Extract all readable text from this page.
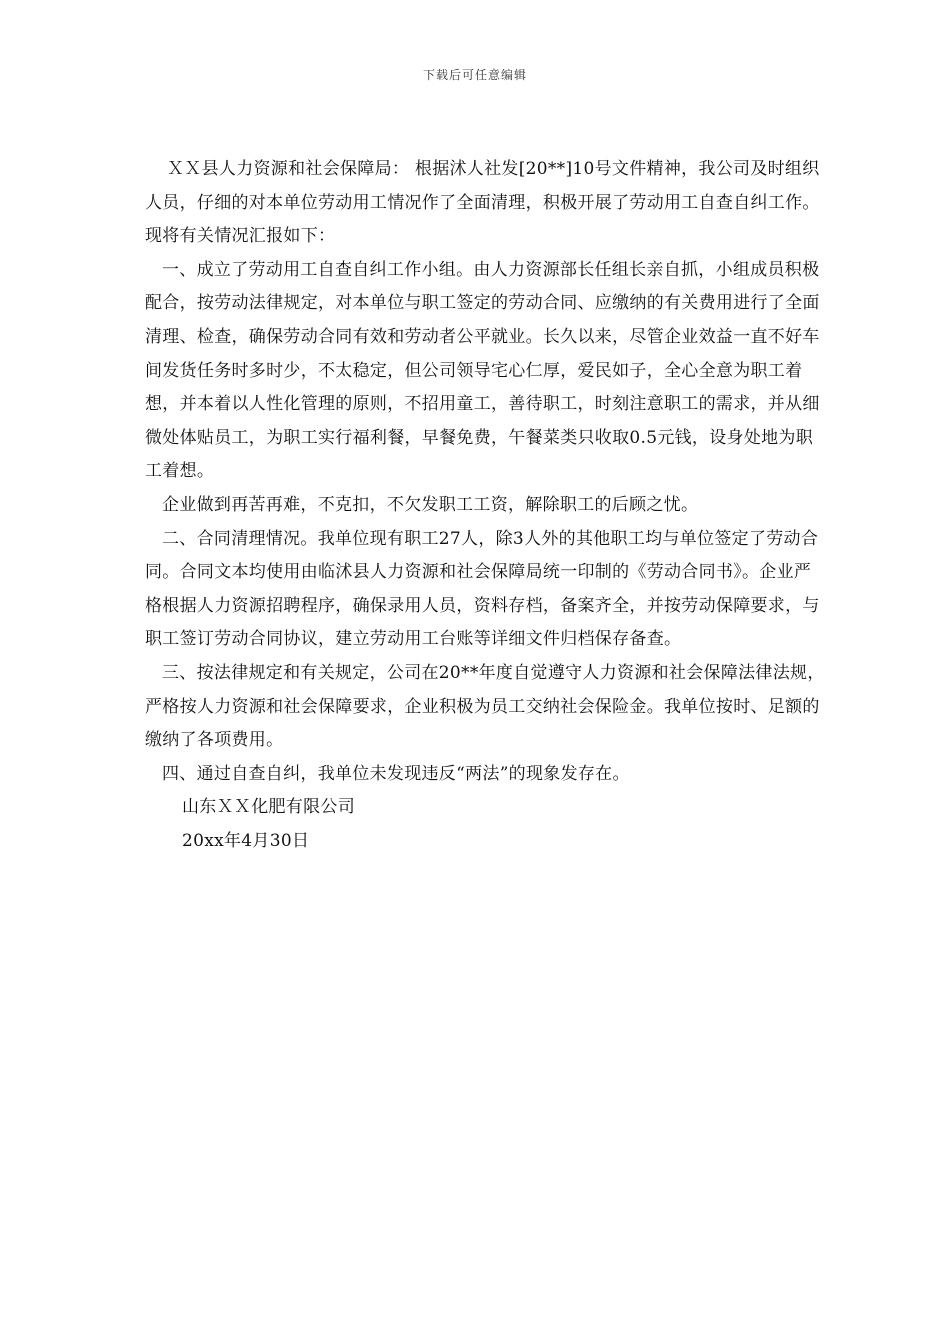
下载后可任意编辑

ＸＸ县人力资源和社会保障局： 根据沭人社发[20**]10号文件精神，我公司及时组织人员，仔细的对本单位劳动用工情况作了全面清理，积极开展了劳动用工自查自纠工作。现将有关情况汇报如下：

一、成立了劳动用工自查自纠工作小组。由人力资源部长任组长亲自抓，小组成员积极配合，按劳动法律规定，对本单位与职工签定的劳动合同、应缴纳的有关费用进行了全面清理、检查，确保劳动合同有效和劳动者公平就业。长久以来，尽管企业效益一直不好车间发货任务时多时少，不太稳定，但公司领导宅心仁厚，爱民如子，全心全意为职工着想，并本着以人性化管理的原则，不招用童工，善待职工，时刻注意职工的需求，并从细微处体贴员工，为职工实行福利餐，早餐免费，午餐菜类只收取0.5元钱，设身处地为职工着想。

企业做到再苦再难，不克扣，不欠发职工工资，解除职工的后顾之忧。

二、合同清理情况。我单位现有职工27人，除3人外的其他职工均与单位签定了劳动合同。合同文本均使用由临沭县人力资源和社会保障局统一印制的《劳动合同书》。企业严格根据人力资源招聘程序，确保录用人员，资料存档，备案齐全，并按劳动保障要求，与职工签订劳动合同协议，建立劳动用工台账等详细文件归档保存备查。

三、按法律规定和有关规定，公司在20**年度自觉遵守人力资源和社会保障法律法规，严格按人力资源和社会保障要求，企业积极为员工交纳社会保险金。我单位按时、足额的缴纳了各项费用。

四、通过自查自纠，我单位未发现违反“两法”的现象发存在。

山东ＸＸ化肥有限公司

20xx年4月30日
